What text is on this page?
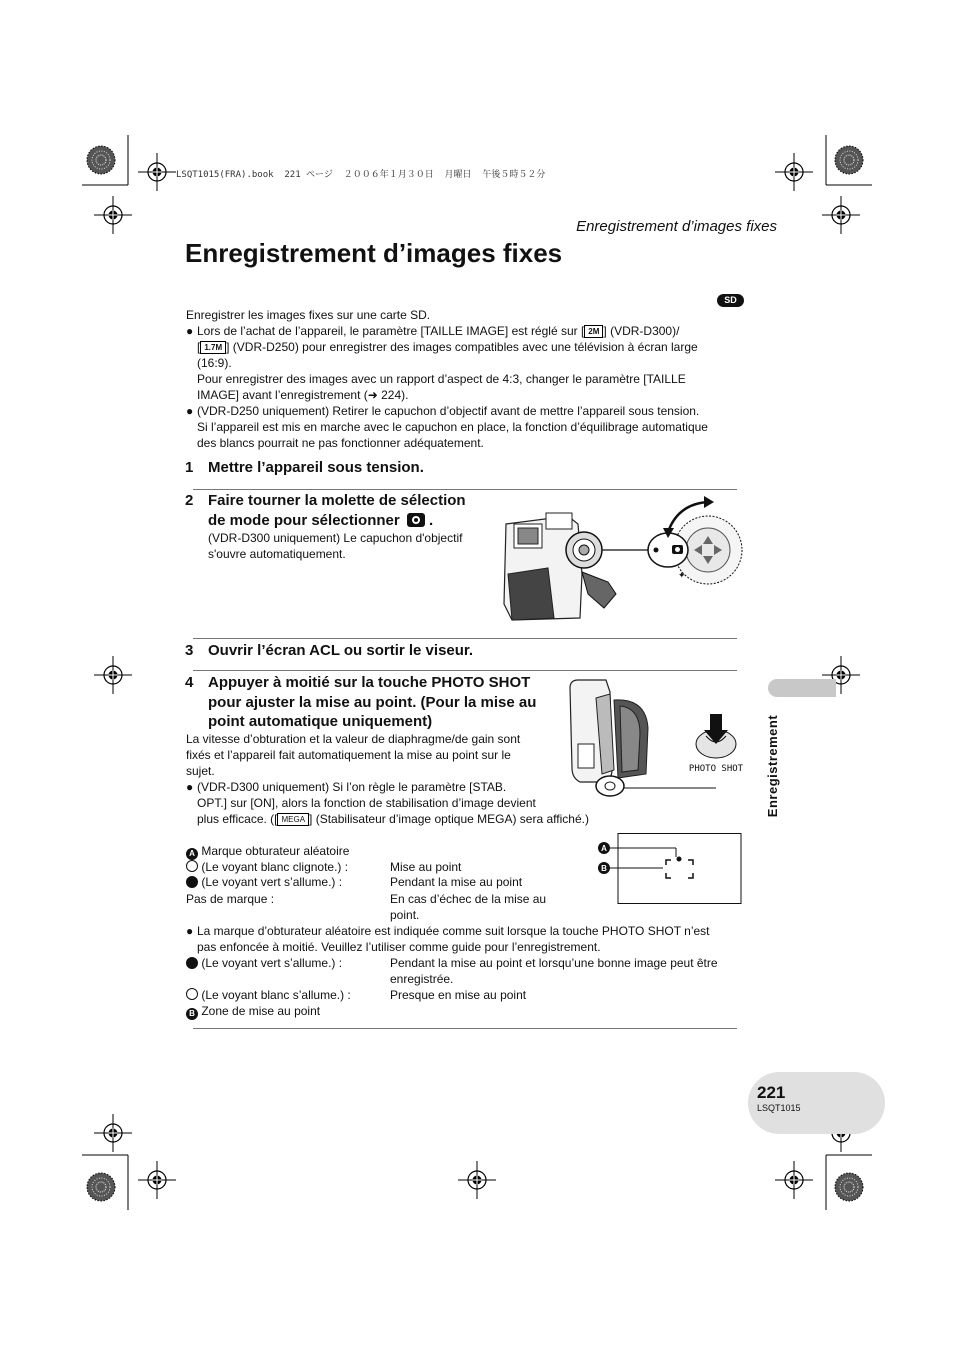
LSQT1015(FRA).book  221 ページ  ２００６年１月３０日  月曜日  午後５時５２分
Enregistrement d’images fixes
Enregistrement d’images fixes
SD
Enregistrer les images fixes sur une carte SD.
● Lors de l’achat de l’appareil, le paramètre [TAILLE IMAGE] est réglé sur [ 2M ] (VDR-D300)/
[ 1.7M ] (VDR-D250) pour enregistrer des images compatibles avec une télévision à écran large
(16:9).
Pour enregistrer des images avec un rapport d’aspect de 4:3, changer le paramètre [TAILLE
IMAGE] avant l’enregistrement (➜ 224).
● (VDR-D250 uniquement) Retirer le capuchon d’objectif avant de mettre l’appareil sous tension.
Si l’appareil est mis en marche avec le capuchon en place, la fonction d’équilibrage automatique
des blancs pourrait ne pas fonctionner adéquatement.
1 Mettre l’appareil sous tension.
2 Faire tourner la molette de sélection
de mode pour sélectionner
.
(VDR-D300 uniquement) Le capuchon d'objectif
s'ouvre automatiquement.
✦
3 Ouvrir l’écran ACL ou sortir le viseur.
4 Appuyer à moitié sur la touche PHOTO SHOT
pour ajuster la mise au point. (Pour la mise au
point automatique uniquement)
La vitesse d’obturation et la valeur de diaphragme/de gain sont
fixés et l’appareil fait automatiquement la mise au point sur le
sujet.
● (VDR-D300 uniquement) Si l’on règle le paramètre [STAB.
OPT.] sur [ON], alors la fonction de stabilisation d’image devient
plus efficace. ([ MEGA ] (Stabilisateur d’image optique MEGA) sera affiché.)
PHOTO SHOT
A Marque obturateur aléatoire
(Le voyant blanc clignote.) :	Mise au point
(Le voyant vert s’allume.) :	Pendant la mise au point
Pas de marque :	En cas d’échec de la mise au
point.
A
B
● La marque d’obturateur aléatoire est indiquée comme suit lorsque la touche PHOTO SHOT n’est
pas enfoncée à moitié. Veuillez l’utiliser comme guide pour l’enregistrement.
(Le voyant vert s’allume.) :	Pendant la mise au point et lorsqu’une bonne image peut être
enregistrée.
(Le voyant blanc s’allume.) :	Presque en mise au point
B Zone de mise au point
Enregistrement
221
LSQT1015
